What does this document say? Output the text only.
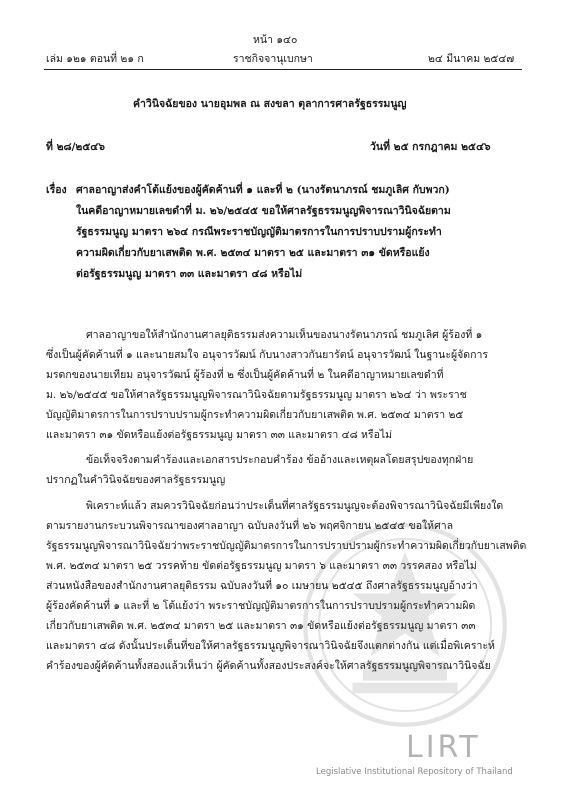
หน้า ๑๔๐
เล่ม ๑๒๑ ตอนที่ ๒๑ ก	ราชกิจจานุเบกษา	๒๔ มีนาคม ๒๕๔๗
คำวินิจฉัยของ นายอุมพล ณ สงขลา ตุลาการศาลรัฐธรรมนูญ
ที่ ๒๘/๒๕๔๖	วันที่ ๒๕ กรกฎาคม ๒๕๔๖
เรื่อง ศาลอาญาส่งคำโต้แย้งของผู้คัดค้านที่ ๑ และที่ ๒ (นางรัตนาภรณ์ ชมภูเลิศ กับพวก)
ในคดีอาญาหมายเลขดำที่ ม. ๒๖/๒๕๔๕ ขอให้ศาลรัฐธรรมนูญพิจารณาวินิจฉัยตาม
รัฐธรรมนูญ มาตรา ๒๖๔ กรณีพระราชบัญญัติมาตรการในการปราบปรามผู้กระทำ
ความผิดเกี่ยวกับยาเสพติด พ.ศ. ๒๕๓๔ มาตรา ๒๕ และมาตรา ๓๑ ขัดหรือแย้ง
ต่อรัฐธรรมนูญ มาตรา ๓๓ และมาตรา ๔๘ หรือไม่
ศาลอาญาขอให้สำนักงานศาลยุติธรรมส่งความเห็นของนางรัตนาภรณ์ ชมภูเลิศ ผู้ร้องที่ ๑
ซึ่งเป็นผู้คัดค้านที่ ๑ และนายสมใจ อนุจารวัฒน์ กับนางสาวกันยารัตน์ อนุจารวัฒน์ ในฐานะผู้จัดการ
มรดกของนายเทียม อนุจารวัฒน์ ผู้ร้องที่ ๒ ซึ่งเป็นผู้คัดค้านที่ ๒ ในคดีอาญาหมายเลขดำที่
ม. ๒๖/๒๕๔๕ ขอให้ศาลรัฐธรรมนูญพิจารณาวินิจฉัยตามรัฐธรรมนูญ มาตรา ๒๖๔ ว่า พระราช
บัญญัติมาตรการในการปราบปรามผู้กระทำความผิดเกี่ยวกับยาเสพติด พ.ศ. ๒๕๓๔ มาตรา ๒๕
และมาตรา ๓๑ ขัดหรือแย้งต่อรัฐธรรมนูญ มาตรา ๓๓ และมาตรา ๔๘ หรือไม่
ข้อเท็จจริงตามคำร้องและเอกสารประกอบคำร้อง ข้ออ้างและเหตุผลโดยสรุปของทุกฝ่าย
ปรากฏในคำวินิจฉัยของศาลรัฐธรรมนูญ
พิเคราะห์แล้ว สมควรวินิจฉัยก่อนว่าประเด็นที่ศาลรัฐธรรมนูญจะต้องพิจารณาวินิจฉัยมีเพียงใด
ตามรายงานกระบวนพิจารณาของศาลอาญา ฉบับลงวันที่ ๒๖ พฤศจิกายน ๒๕๔๕ ขอให้ศาล
รัฐธรรมนูญพิจารณาวินิจฉัยว่าพระราชบัญญัติมาตรการในการปราบปรามผู้กระทำความผิดเกี่ยวกับยาเสพติด
พ.ศ. ๒๕๓๔ มาตรา ๒๕ วรรคท้าย ขัดต่อรัฐธรรมนูญ มาตรา ๖ และมาตรา ๓๓ วรรคสอง หรือไม่
ส่วนหนังสือของสำนักงานศาลยุติธรรม ฉบับลงวันที่ ๑๐ เมษายน ๒๕๔๕ ถึงศาลรัฐธรรมนูญอ้างว่า
ผู้ร้องคัดค้านที่ ๑ และที่ ๒ โต้แย้งว่า พระราชบัญญัติมาตรการในการปราบปรามผู้กระทำความผิด
เกี่ยวกับยาเสพติด พ.ศ. ๒๕๓๔ มาตรา ๒๕ และมาตรา ๓๑ ขัดหรือแย้งต่อรัฐธรรมนูญ มาตรา ๓๓
และมาตรา ๔๘ ดังนั้นประเด็นที่ขอให้ศาลรัฐธรรมนูญพิจารณาวินิจฉัยจึงแตกต่างกัน แต่เมื่อพิเคราะห์
คำร้องของผู้คัดค้านทั้งสองแล้วเห็นว่า ผู้คัดค้านทั้งสองประสงค์จะให้ศาลรัฐธรรมนูญพิจารณาวินิจฉัย
LIRT
Legislative Institutional Repository of Thailand
